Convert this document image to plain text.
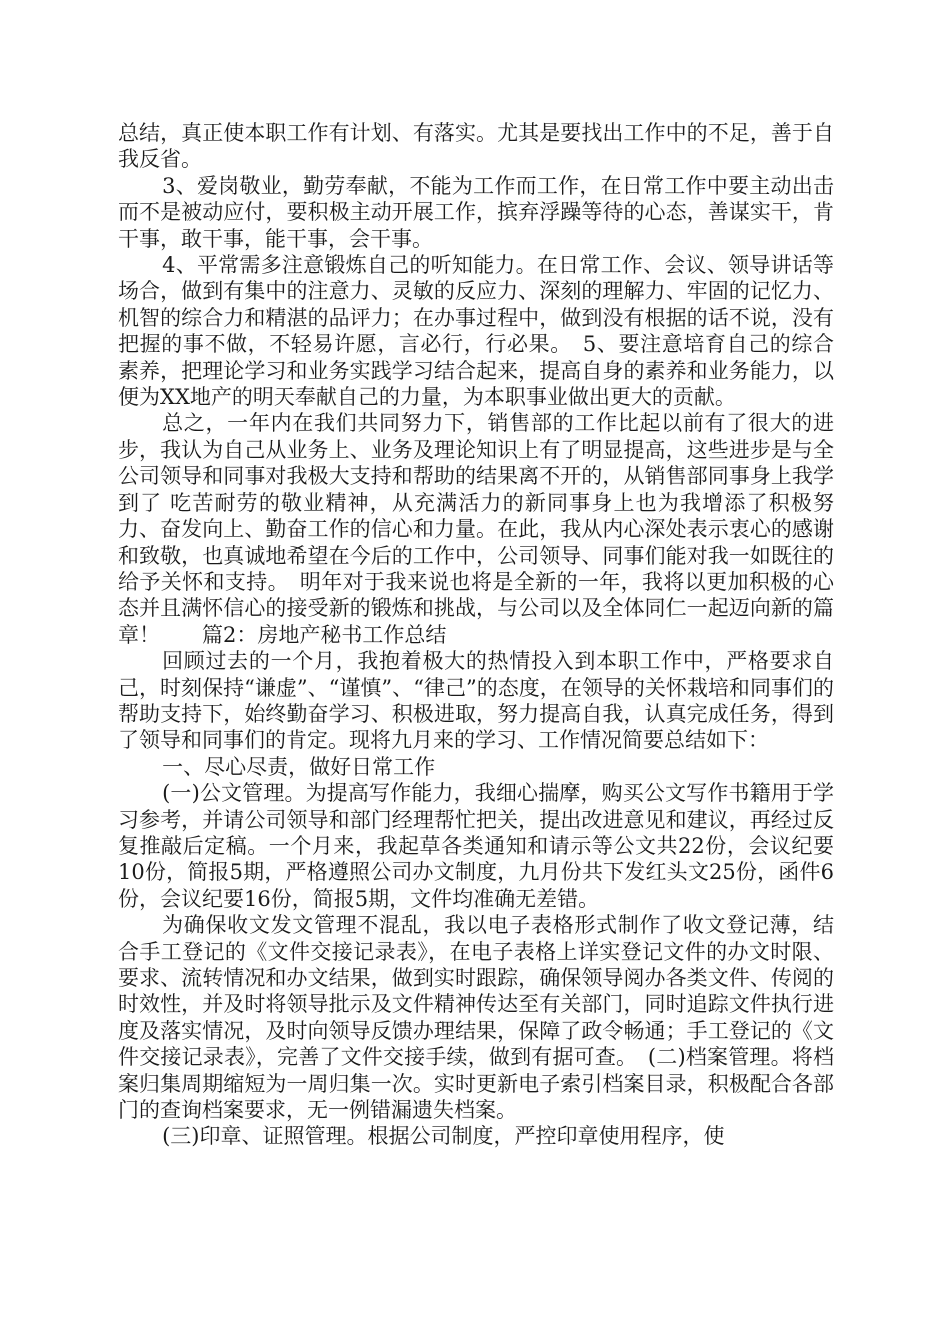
总结，真正使本职工作有计划、有落实。尤其是要找出工作中的不足，善于自我反省。

3、爱岗敬业，勤劳奉献，不能为工作而工作，在日常工作中要主动出击而不是被动应付，要积极主动开展工作，摈弃浮躁等待的心态，善谋实干，肯干事，敢干事，能干事，会干事。

4、平常需多注意锻炼自己的听知能力。在日常工作、会议、领导讲话等场合，做到有集中的注意力、灵敏的反应力、深刻的理解力、牢固的记忆力、机智的综合力和精湛的品评力；在办事过程中，做到没有根据的话不说，没有把握的事不做，不轻易许愿，言必行，行必果。　5、要注意培育自己的综合素养，把理论学习和业务实践学习结合起来，提高自身的素养和业务能力，以便为XX地产的明天奉献自己的力量，为本职事业做出更大的贡献。

总之，一年内在我们共同努力下，销售部的工作比起以前有了很大的进步，我认为自己从业务上、业务及理论知识上有了明显提高，这些进步是与全公司领导和同事对我极大支持和帮助的结果离不开的，从销售部同事身上我学到了 吃苦耐劳的敬业精神，从充满活力的新同事身上也为我增添了积极努力、奋发向上、勤奋工作的信心和力量。在此，我从内心深处表示衷心的感谢和致敬，也真诚地希望在今后的工作中，公司领导、同事们能对我一如既往的给予关怀和支持。　明年对于我来说也将是全新的一年，我将以更加积极的心态并且满怀信心的接受新的锻炼和挑战，与公司以及全体同仁一起迈向新的篇章！　　篇2：房地产秘书工作总结

回顾过去的一个月，我抱着极大的热情投入到本职工作中，严格要求自己，时刻保持“谦虚”、“谨慎”、“律己”的态度，在领导的关怀栽培和同事们的帮助支持下，始终勤奋学习、积极进取，努力提高自我，认真完成任务，得到了领导和同事们的肯定。现将九月来的学习、工作情况简要总结如下：

一、尽心尽责，做好日常工作

(一)公文管理。为提高写作能力，我细心揣摩，购买公文写作书籍用于学习参考，并请公司领导和部门经理帮忙把关，提出改进意见和建议，再经过反复推敲后定稿。一个月来，我起草各类通知和请示等公文共22份，会议纪要10份，简报5期，严格遵照公司办文制度，九月份共下发红头文25份，函件6份，会议纪要16份，简报5期，文件均准确无差错。

为确保收文发文管理不混乱，我以电子表格形式制作了收文登记薄，结合手工登记的《文件交接记录表》，在电子表格上详实登记文件的办文时限、要求、流转情况和办文结果，做到实时跟踪，确保领导阅办各类文件、传阅的时效性，并及时将领导批示及文件精神传达至有关部门，同时追踪文件执行进度及落实情况，及时向领导反馈办理结果，保障了政令畅通；手工登记的《文件交接记录表》，完善了文件交接手续，做到有据可查。　(二)档案管理。将档案归集周期缩短为一周归集一次。实时更新电子索引档案目录，积极配合各部门的查询档案要求，无一例错漏遗失档案。

(三)印章、证照管理。根据公司制度，严控印章使用程序，使
